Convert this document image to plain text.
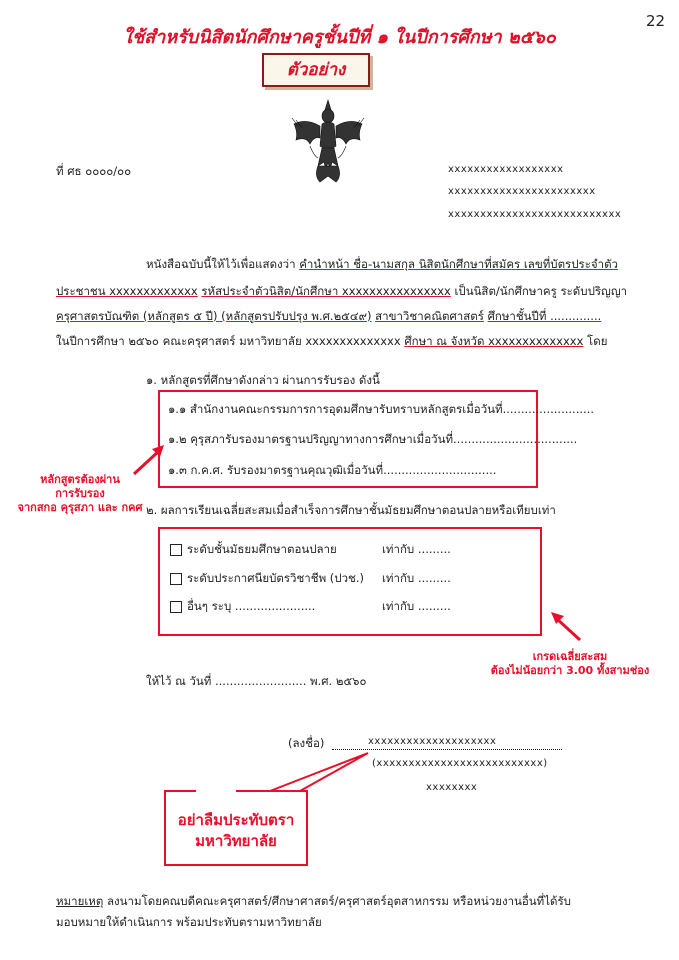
22
ใช้สำหรับนิสิตนักศึกษาครูชั้นปีที่ ๑ ในปีการศึกษา ๒๕๖๐
ตัวอย่าง
ที่ ศธ ๐๐๐๐/๐๐	xxxxxxxxxxxxxxxxxx
xxxxxxxxxxxxxxxxxxxxxxx
xxxxxxxxxxxxxxxxxxxxxxxxxxx
หนังสือฉบับนี้ให้ไว้เพื่อแสดงว่า คำนำหน้า ชื่อ-นามสกุล นิสิตนักศึกษาที่สมัคร เลขที่บัตรประจำตัว
ประชาชน xxxxxxxxxxxxx รหัสประจำตัวนิสิต/นักศึกษา xxxxxxxxxxxxxxxx เป็นนิสิต/นักศึกษาครู ระดับปริญญา
ครุศาสตรบัณฑิต (หลักสูตร ๕ ปี) (หลักสูตรปรับปรุง พ.ศ.๒๕๔๙) สาขาวิชาคณิตศาสตร์ ศึกษาชั้นปีที่ ..............
ในปีการศึกษา ๒๕๖๐ คณะครุศาสตร์ มหาวิทยาลัย xxxxxxxxxxxxxx ศึกษา ณ จังหวัด xxxxxxxxxxxxxx โดย
๑. หลักสูตรที่ศึกษาดังกล่าว ผ่านการรับรอง ดังนี้
๑.๑ สำนักงานคณะกรรมการการอุดมศึกษารับทราบหลักสูตรเมื่อวันที่.........................
๑.๒ คุรุสภารับรองมาตรฐานปริญญาทางการศึกษาเมื่อวันที่..................................
๑.๓ ก.ค.ศ. รับรองมาตรฐานคุณวุฒิเมื่อวันที่...............................
หลักสูตรต้องผ่าน
การรับรอง
จากสกอ คุรุสภา และ กคศ ๒. ผลการเรียนเฉลี่ยสะสมเมื่อสำเร็จการศึกษาชั้นมัธยมศึกษาตอนปลายหรือเทียบเท่า
ระดับชั้นมัธยมศึกษาตอนปลาย	เท่ากับ .........
ระดับประกาศนียบัตรวิชาชีพ (ปวช.) เท่ากับ .........
อื่นๆ ระบุ ......................	เท่ากับ .........
เกรดเฉลี่ยสะสม
ต้องไม่น้อยกว่า 3.00 ทั้งสามช่อง
ให้ไว้ ณ วันที่ ......................... พ.ศ. ๒๕๖๐
(ลงชื่อ)	xxxxxxxxxxxxxxxxxxxx
(xxxxxxxxxxxxxxxxxxxxxxxxxx)
xxxxxxxx
อย่าลืมประทับตรา
มหาวิทยาลัย
หมายเหตุ ลงนามโดยคณบดีคณะครุศาสตร์/ศึกษาศาสตร์/ครุศาสตร์อุตสาหกรรม หรือหน่วยงานอื่นที่ได้รับ
มอบหมายให้ดำเนินการ พร้อมประทับตรามหาวิทยาลัย
